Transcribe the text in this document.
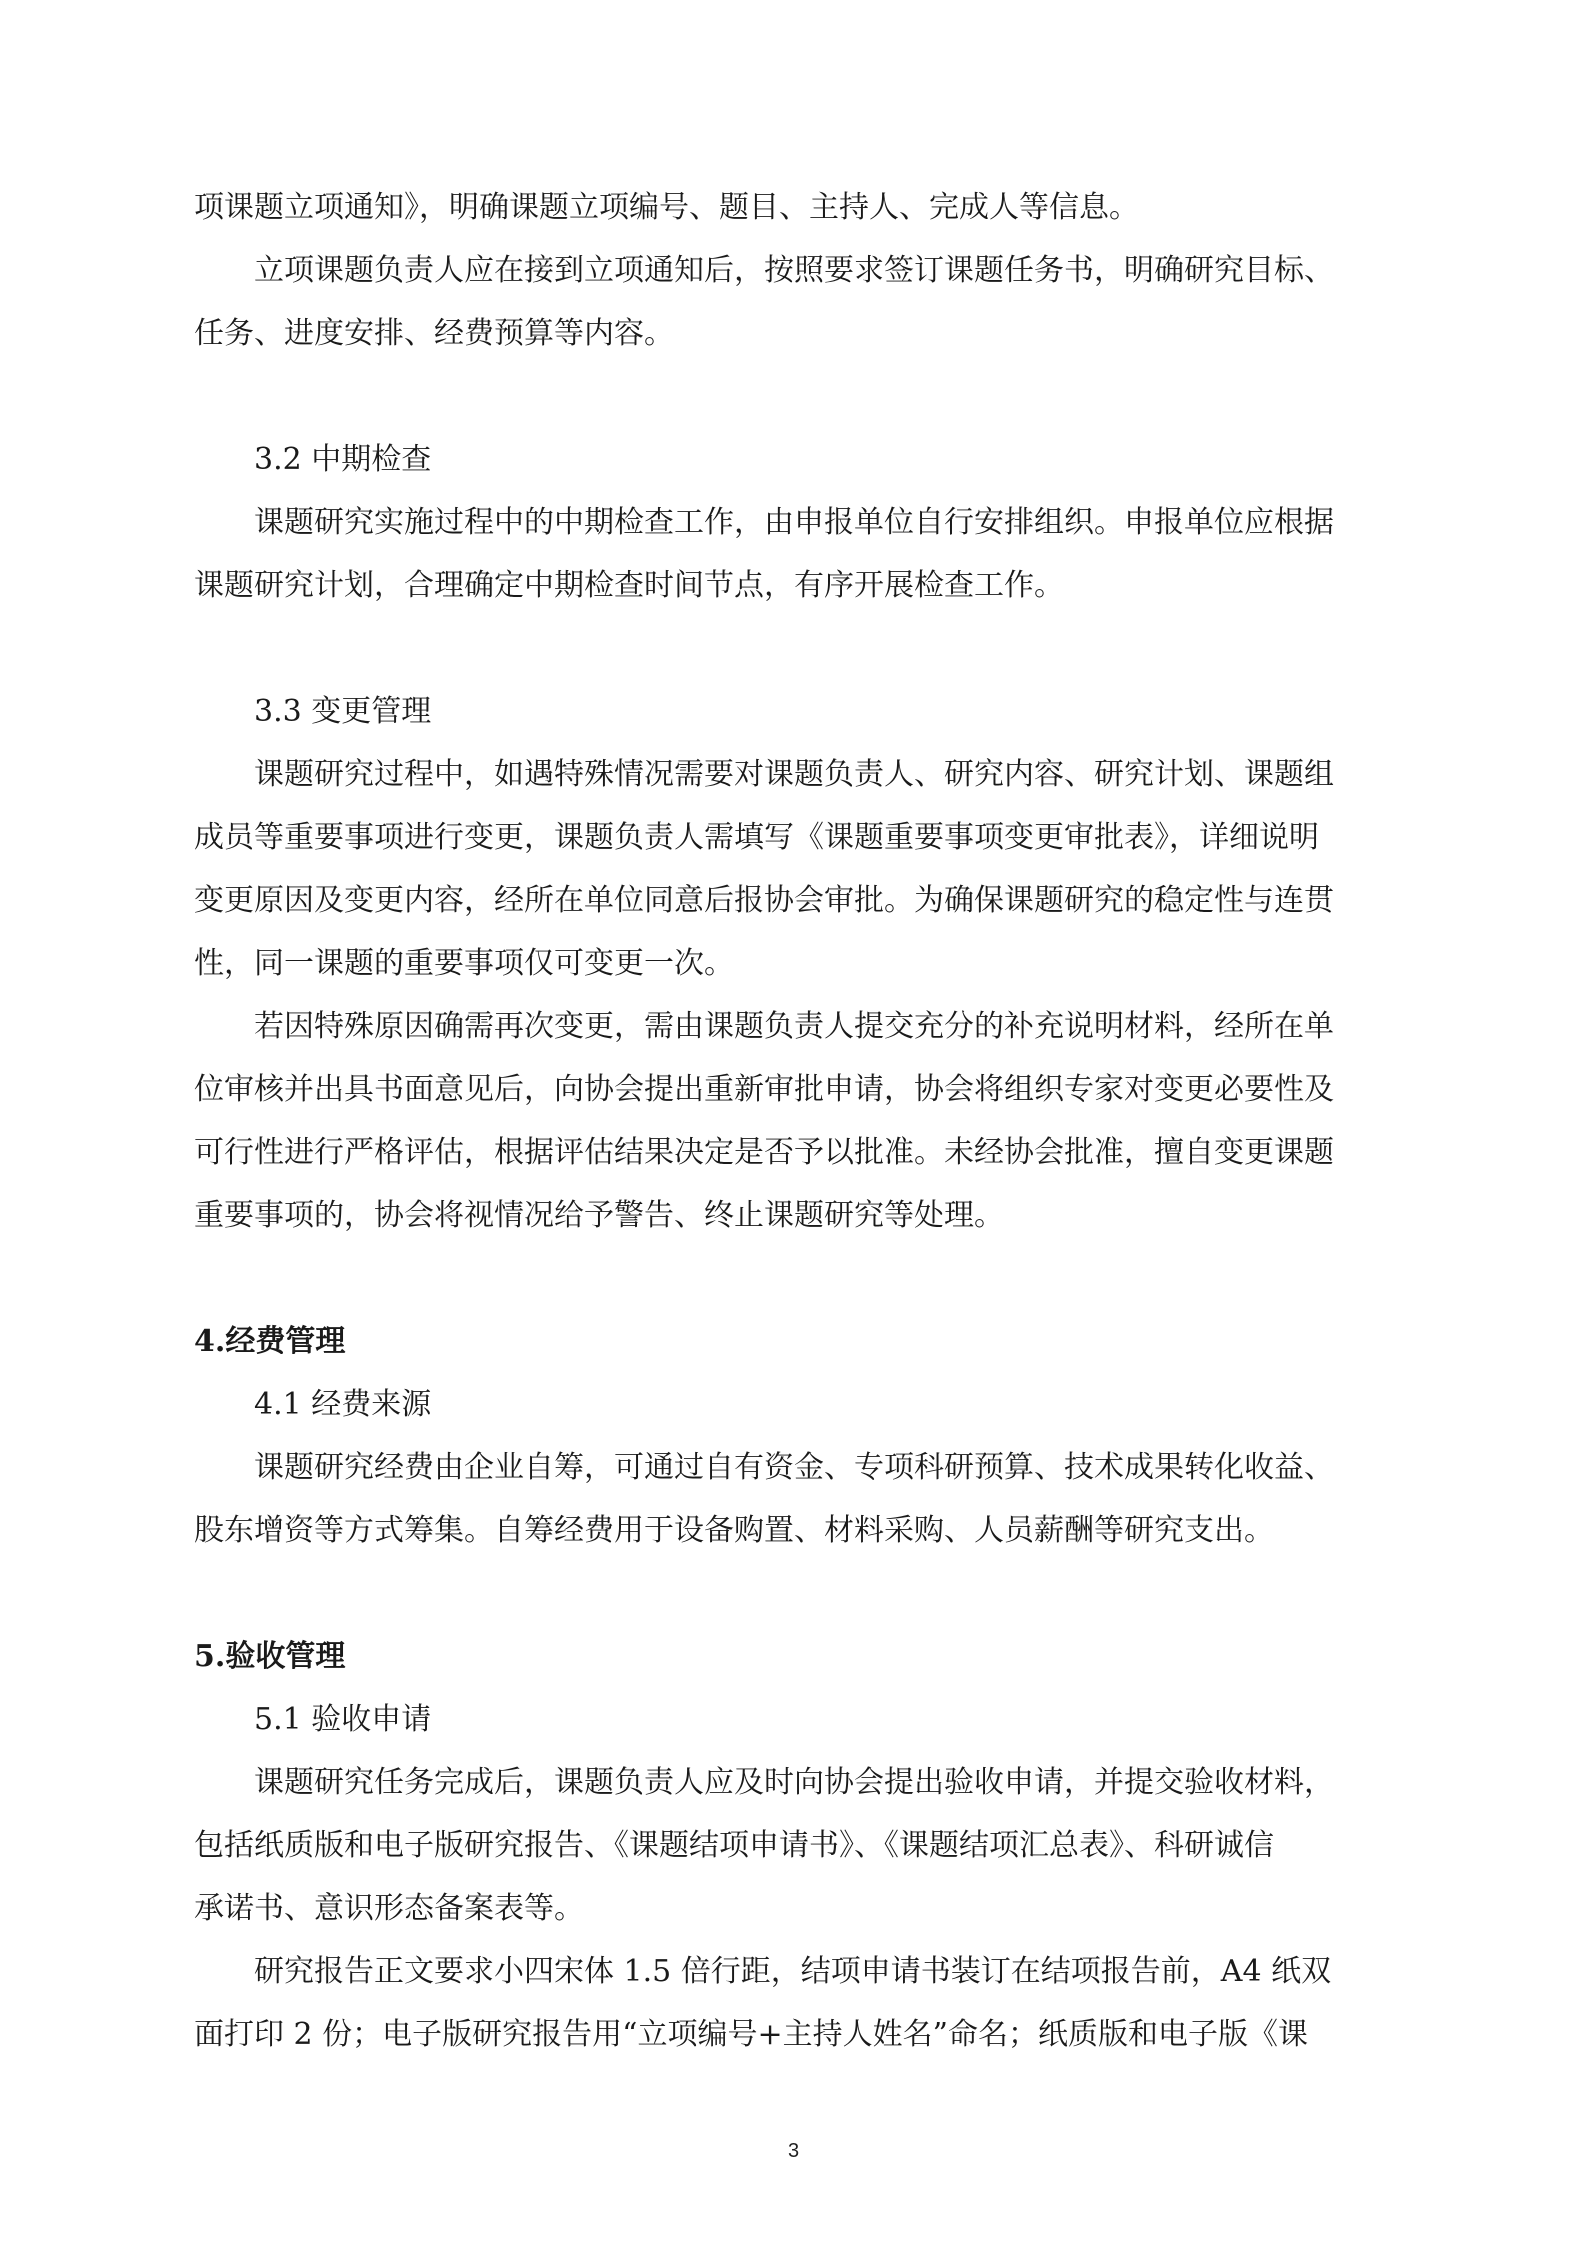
项课题立项通知》，明确课题立项编号、题目、主持人、完成人等信息。

立项课题负责人应在接到立项通知后，按照要求签订课题任务书，明确研究目标、

任务、进度安排、经费预算等内容。

3.2 中期检查

课题研究实施过程中的中期检查工作，由申报单位自行安排组织。申报单位应根据

课题研究计划，合理确定中期检查时间节点，有序开展检查工作。

3.3 变更管理

课题研究过程中，如遇特殊情况需要对课题负责人、研究内容、研究计划、课题组

成员等重要事项进行变更，课题负责人需填写《课题重要事项变更审批表》，详细说明

变更原因及变更内容，经所在单位同意后报协会审批。为确保课题研究的稳定性与连贯

性，同一课题的重要事项仅可变更一次。

若因特殊原因确需再次变更，需由课题负责人提交充分的补充说明材料，经所在单

位审核并出具书面意见后，向协会提出重新审批申请，协会将组织专家对变更必要性及

可行性进行严格评估，根据评估结果决定是否予以批准。未经协会批准，擅自变更课题

重要事项的，协会将视情况给予警告、终止课题研究等处理。

4.经费管理

4.1 经费来源

课题研究经费由企业自筹，可通过自有资金、专项科研预算、技术成果转化收益、

股东增资等方式筹集。自筹经费用于设备购置、材料采购、人员薪酬等研究支出。

5.验收管理

5.1 验收申请

课题研究任务完成后，课题负责人应及时向协会提出验收申请，并提交验收材料，

包括纸质版和电子版研究报告、《课题结项申请书》、《课题结项汇总表》、科研诚信

承诺书、意识形态备案表等。

研究报告正文要求小四宋体 1.5 倍行距，结项申请书装订在结项报告前，A4 纸双

面打印 2 份；电子版研究报告用“立项编号+主持人姓名”命名；纸质版和电子版《课

3
